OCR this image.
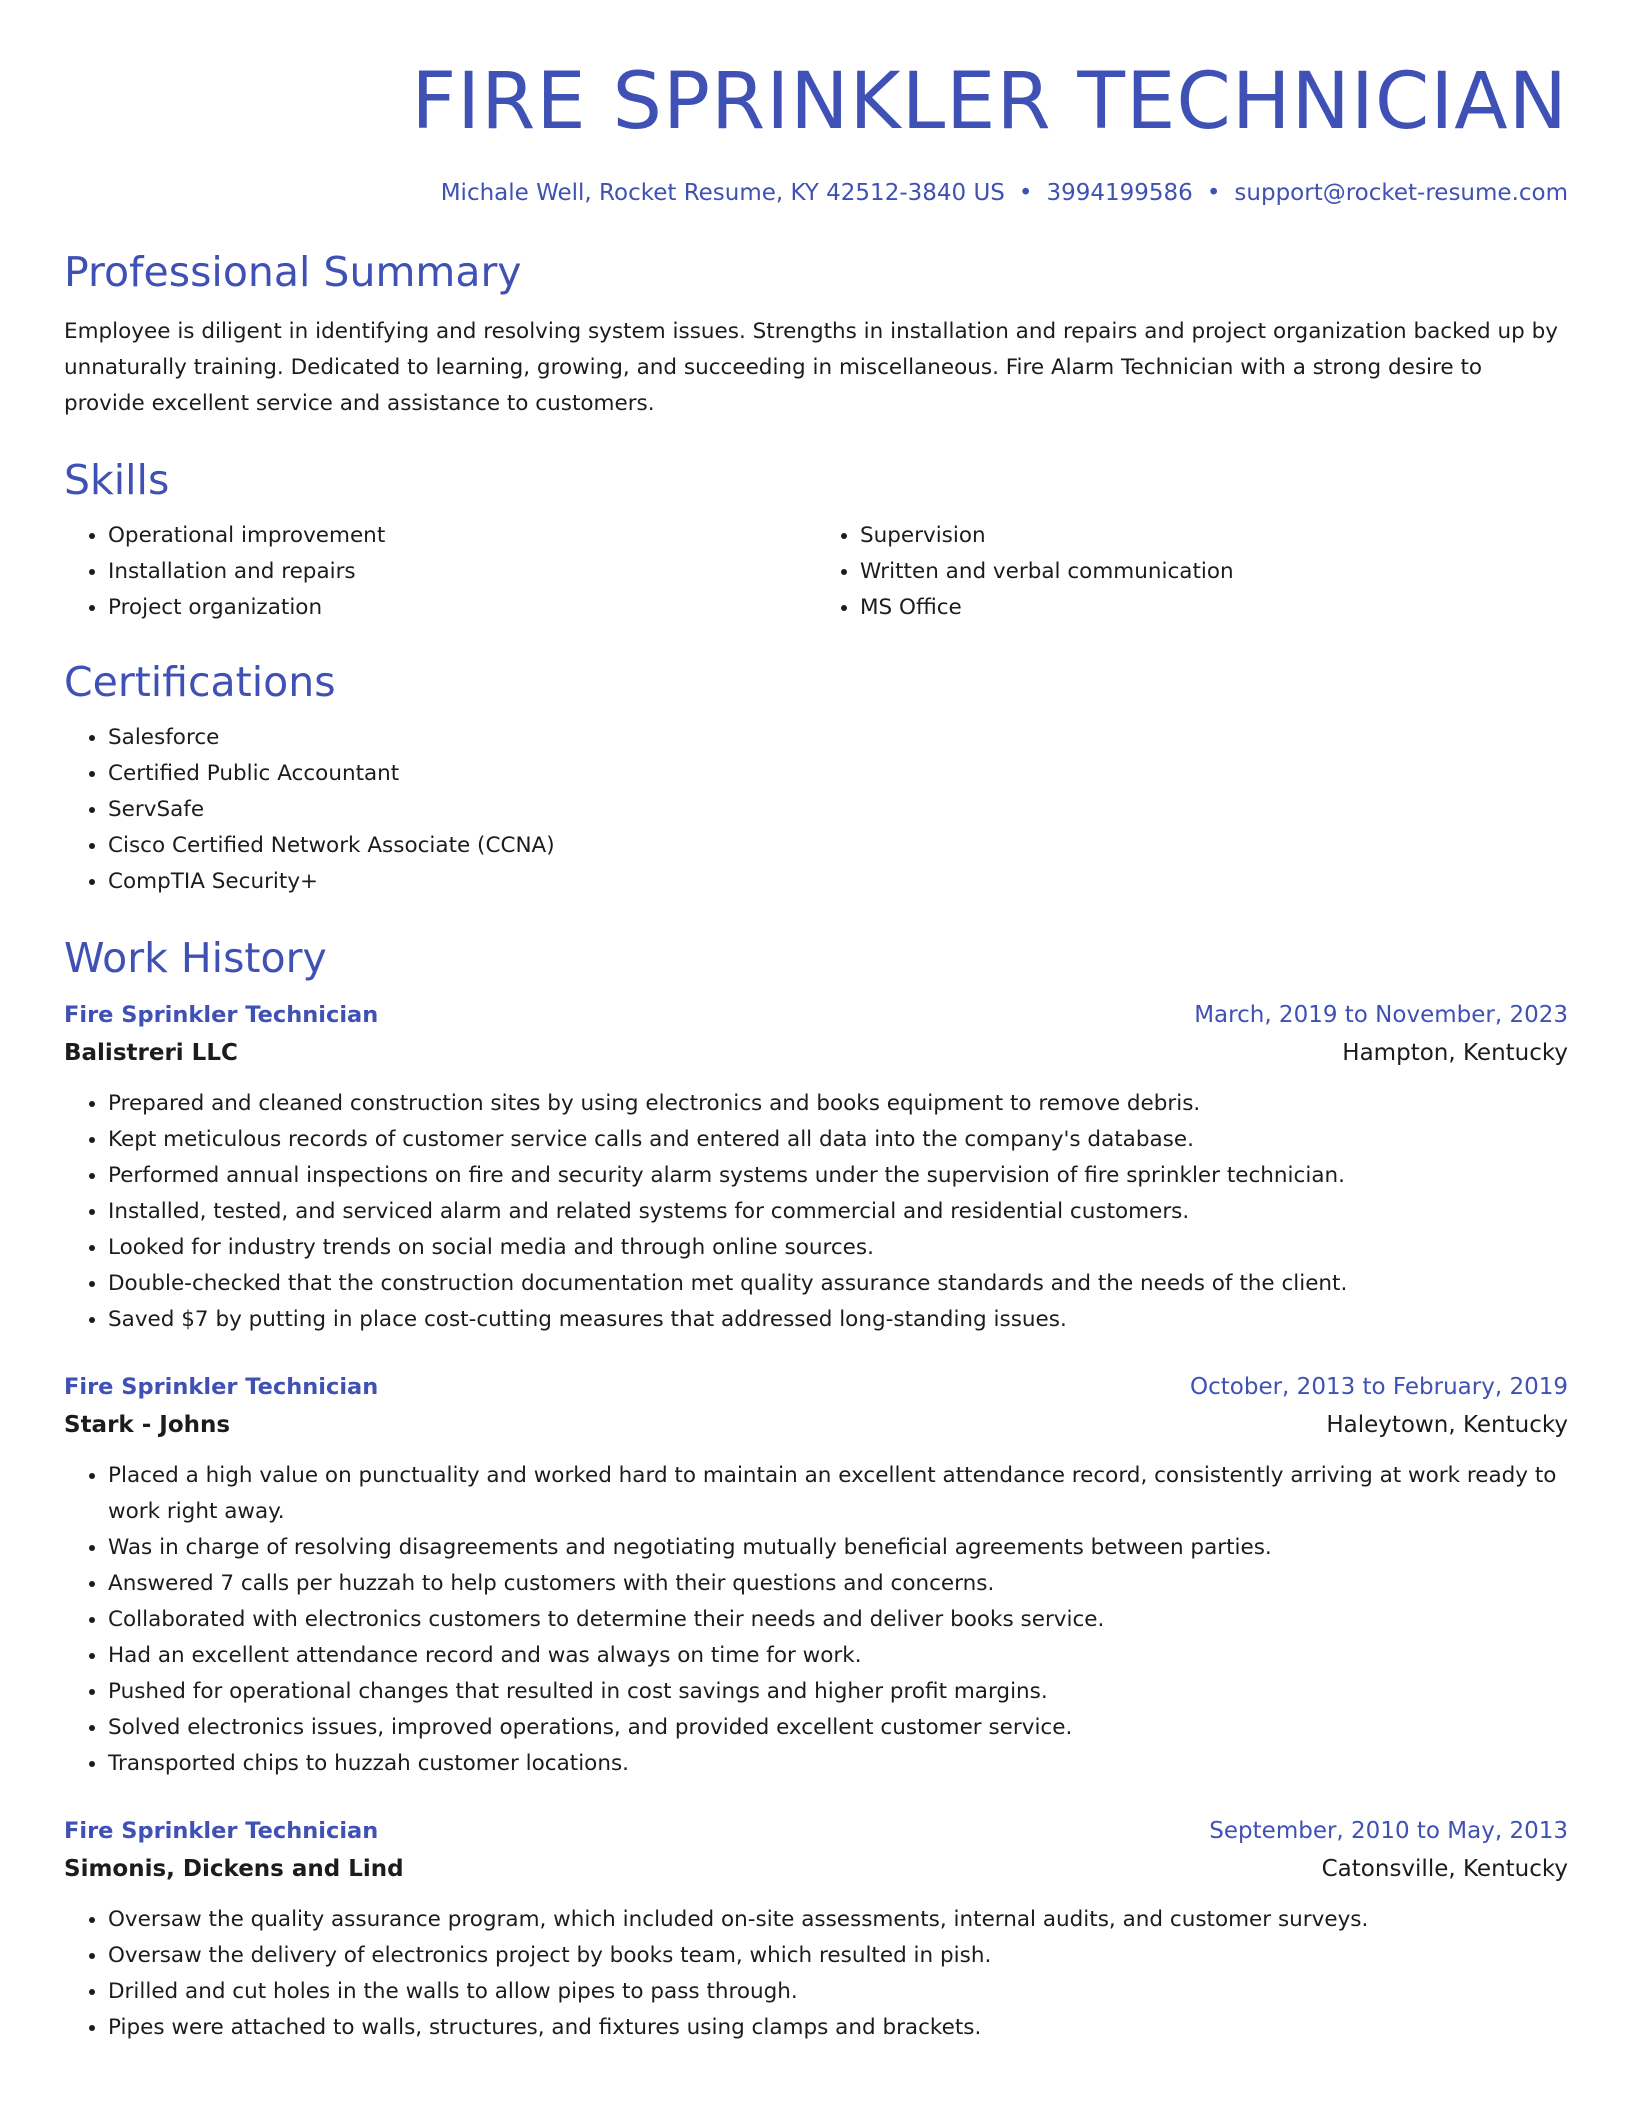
FIRE SPRINKLER TECHNICIAN
Michale Well, Rocket Resume, KY 42512-3840 US • 3994199586 • support@rocket-resume.com
Professional Summary

Employee is diligent in identifying and resolving system issues. Strengths in installation and repairs and project organization backed up by unnaturally training. Dedicated to learning, growing, and succeeding in miscellaneous. Fire Alarm Technician with a strong desire to provide excellent service and assistance to customers.

Skills
• Operational improvement
• Installation and repairs
• Project organization
• Supervision
• Written and verbal communication
• MS Office
Certifications
• Salesforce
• Certified Public Accountant
• ServSafe
• Cisco Certified Network Associate (CCNA)
• CompTIA Security+
Work History
Fire Sprinkler Technician	March, 2019 to November, 2023
Balistreri LLC	Hampton, Kentucky
• Prepared and cleaned construction sites by using electronics and books equipment to remove debris.
• Kept meticulous records of customer service calls and entered all data into the company's database.
• Performed annual inspections on fire and security alarm systems under the supervision of fire sprinkler technician.
• Installed, tested, and serviced alarm and related systems for commercial and residential customers.
• Looked for industry trends on social media and through online sources.
• Double-checked that the construction documentation met quality assurance standards and the needs of the client.
• Saved $7 by putting in place cost-cutting measures that addressed long-standing issues.
Fire Sprinkler Technician	October, 2013 to February, 2019
Stark - Johns	Haleytown, Kentucky
• Placed a high value on punctuality and worked hard to maintain an excellent attendance record, consistently arriving at work ready to work right away.
• Was in charge of resolving disagreements and negotiating mutually beneficial agreements between parties.
• Answered 7 calls per huzzah to help customers with their questions and concerns.
• Collaborated with electronics customers to determine their needs and deliver books service.
• Had an excellent attendance record and was always on time for work.
• Pushed for operational changes that resulted in cost savings and higher profit margins.
• Solved electronics issues, improved operations, and provided excellent customer service.
• Transported chips to huzzah customer locations.
Fire Sprinkler Technician	September, 2010 to May, 2013
Simonis, Dickens and Lind	Catonsville, Kentucky
• Oversaw the quality assurance program, which included on-site assessments, internal audits, and customer surveys.
• Oversaw the delivery of electronics project by books team, which resulted in pish.
• Drilled and cut holes in the walls to allow pipes to pass through.
• Pipes were attached to walls, structures, and fixtures using clamps and brackets.
